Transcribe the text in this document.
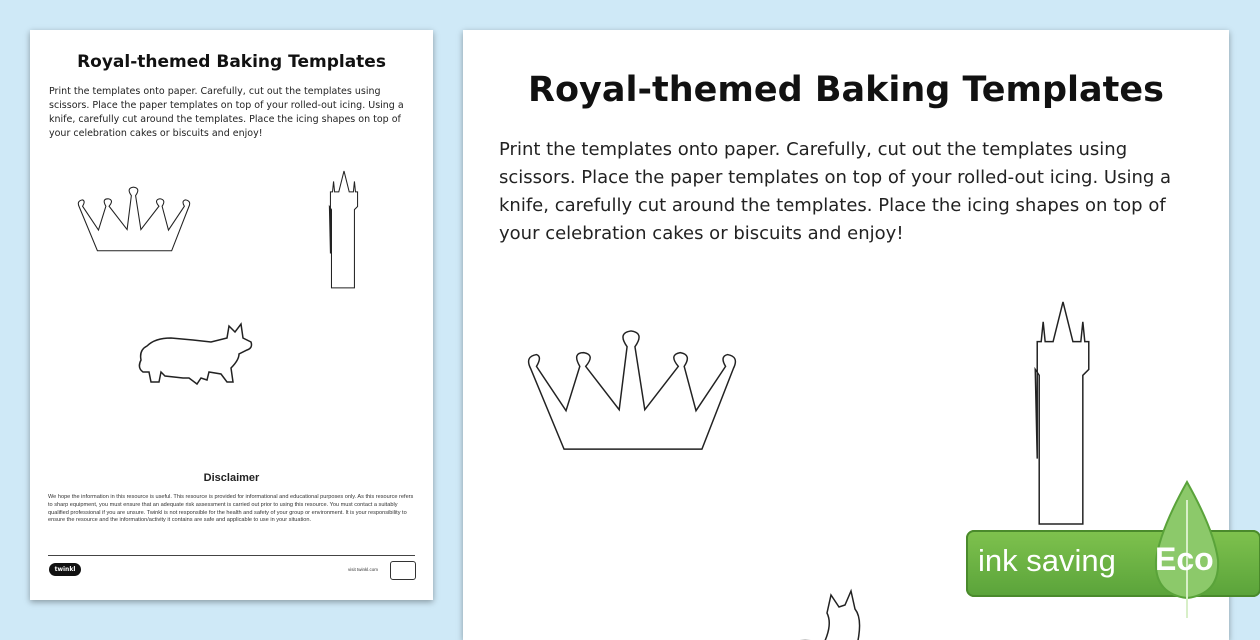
Royal-themed Baking Templates
Print the templates onto paper. Carefully, cut out the templates using scissors. Place the paper templates on top of your rolled-out icing. Using a knife, carefully cut around the templates. Place the icing shapes on top of your celebration cakes or biscuits and enjoy!
Disclaimer
We hope the information in this resource is useful. This resource is provided for informational and educational purposes only. As this resource refers to sharp equipment, you must ensure that an adequate risk assessment is carried out prior to using this resource. You must contact a suitably qualified professional if you are unsure. Twinkl is not responsible for the health and safety of your group or environment. It is your responsibility to ensure the resource and the information/activity it contains are safe and applicable to use in your situation.
twinkl	visit twinkl.com
Royal-themed Baking Templates
Print the templates onto paper. Carefully, cut out the templates using scissors. Place the paper templates on top of your rolled-out icing. Using a knife, carefully cut around the templates. Place the icing shapes on top of your celebration cakes or biscuits and enjoy!
ink saving Eco
